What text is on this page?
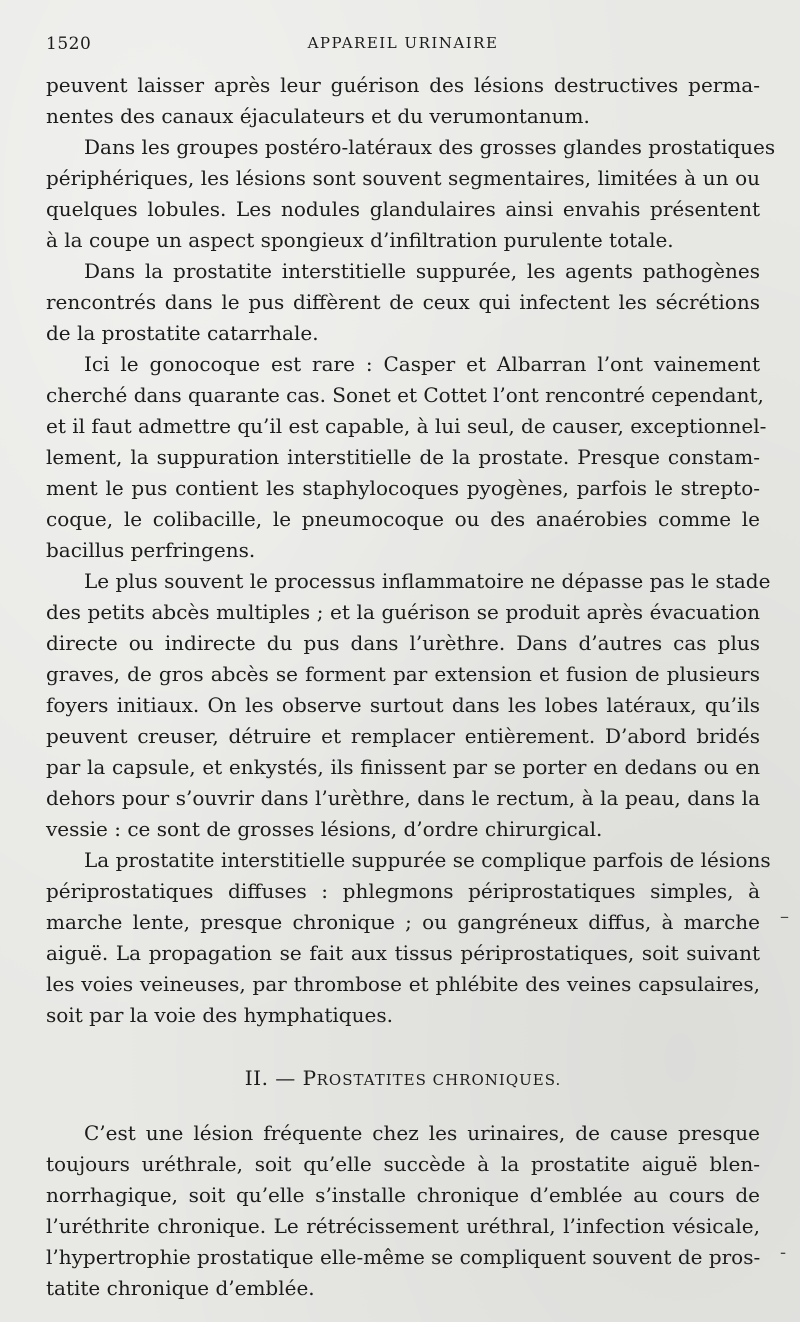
1520	APPAREIL URINAIRE
peuvent laisser après leur guérison des lésions destructives perma-
nentes des canaux éjaculateurs et du verumontanum.
Dans les groupes postéro-latéraux des grosses glandes prostatiques
périphériques, les lésions sont souvent segmentaires, limitées à un ou
quelques lobules. Les nodules glandulaires ainsi envahis présentent
à la coupe un aspect spongieux d’infiltration purulente totale.
Dans la prostatite interstitielle suppurée, les agents pathogènes
rencontrés dans le pus diffèrent de ceux qui infectent les sécrétions
de la prostatite catarrhale.
Ici le gonocoque est rare : Casper et Albarran l’ont vainement
cherché dans quarante cas. Sonet et Cottet l’ont rencontré cependant,
et il faut admettre qu’il est capable, à lui seul, de causer, exceptionnel-
lement, la suppuration interstitielle de la prostate. Presque constam-
ment le pus contient les staphylocoques pyogènes, parfois le strepto-
coque, le colibacille, le pneumocoque ou des anaérobies comme le
bacillus perfringens.
Le plus souvent le processus inflammatoire ne dépasse pas le stade
des petits abcès multiples ; et la guérison se produit après évacuation
directe ou indirecte du pus dans l’urèthre. Dans d’autres cas plus
graves, de gros abcès se forment par extension et fusion de plusieurs
foyers initiaux. On les observe surtout dans les lobes latéraux, qu’ils
peuvent creuser, détruire et remplacer entièrement. D’abord bridés
par la capsule, et enkystés, ils finissent par se porter en dedans ou en
dehors pour s’ouvrir dans l’urèthre, dans le rectum, à la peau, dans la
vessie : ce sont de grosses lésions, d’ordre chirurgical.
La prostatite interstitielle suppurée se complique parfois de lésions
périprostatiques diffuses : phlegmons périprostatiques simples, à
marche lente, presque chronique ; ou gangréneux diffus, à marche
aiguë. La propagation se fait aux tissus périprostatiques, soit suivant
les voies veineuses, par thrombose et phlébite des veines capsulaires,
soit par la voie des hymphatiques.
II. — PROSTATITES CHRONIQUES.
C’est une lésion fréquente chez les urinaires, de cause presque
toujours uréthrale, soit qu’elle succède à la prostatite aiguë blen-
norrhagique, soit qu’elle s’installe chronique d’emblée au cours de
l’uréthrite chronique. Le rétrécissement uréthral, l’infection vésicale,
l’hypertrophie prostatique elle-même se compliquent souvent de pros-
tatite chronique d’emblée.
–
-
